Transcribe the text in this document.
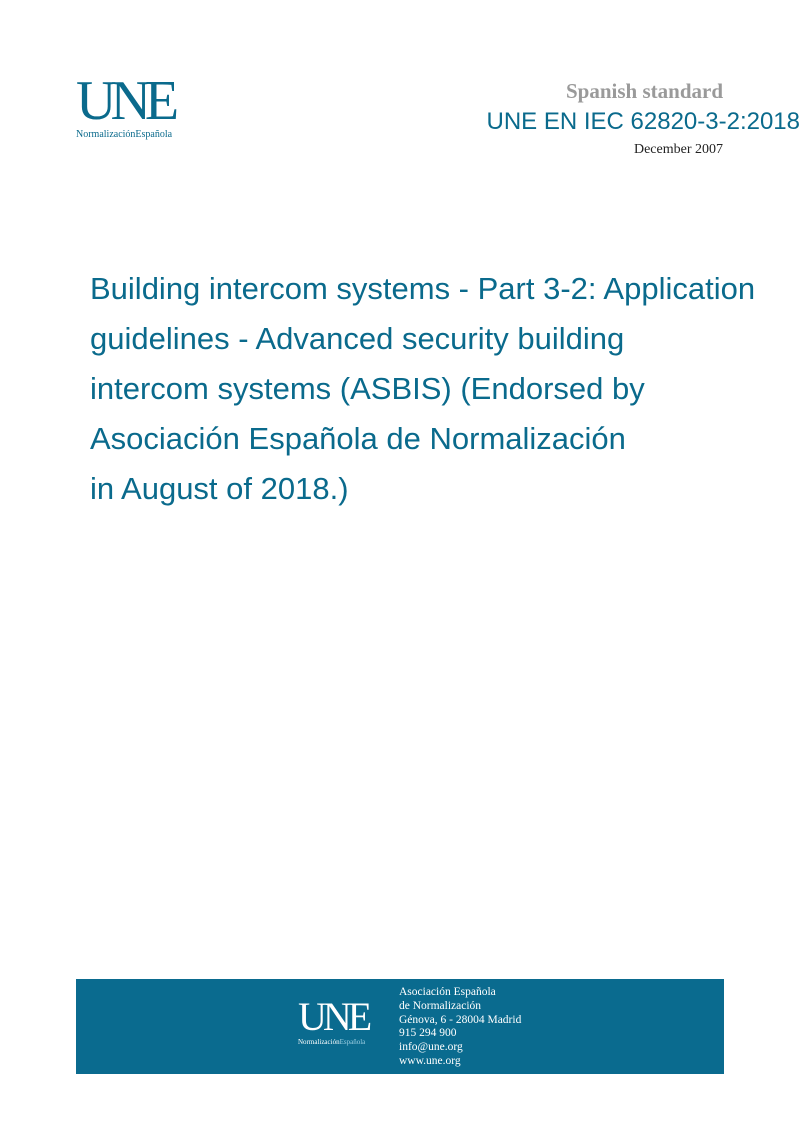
UNE
NormalizaciónEspañola
Spanish standard
UNE EN IEC 62820-3-2:2018
December 2007
Building intercom systems - Part 3-2: Application
guidelines - Advanced security building
intercom systems (ASBIS) (Endorsed by
Asociación Española de Normalización
in August of 2018.)
UNE
NormalizaciónEspañola
Asociación Española
de Normalización
Génova, 6 - 28004 Madrid
915 294 900
info@une.org
www.une.org
